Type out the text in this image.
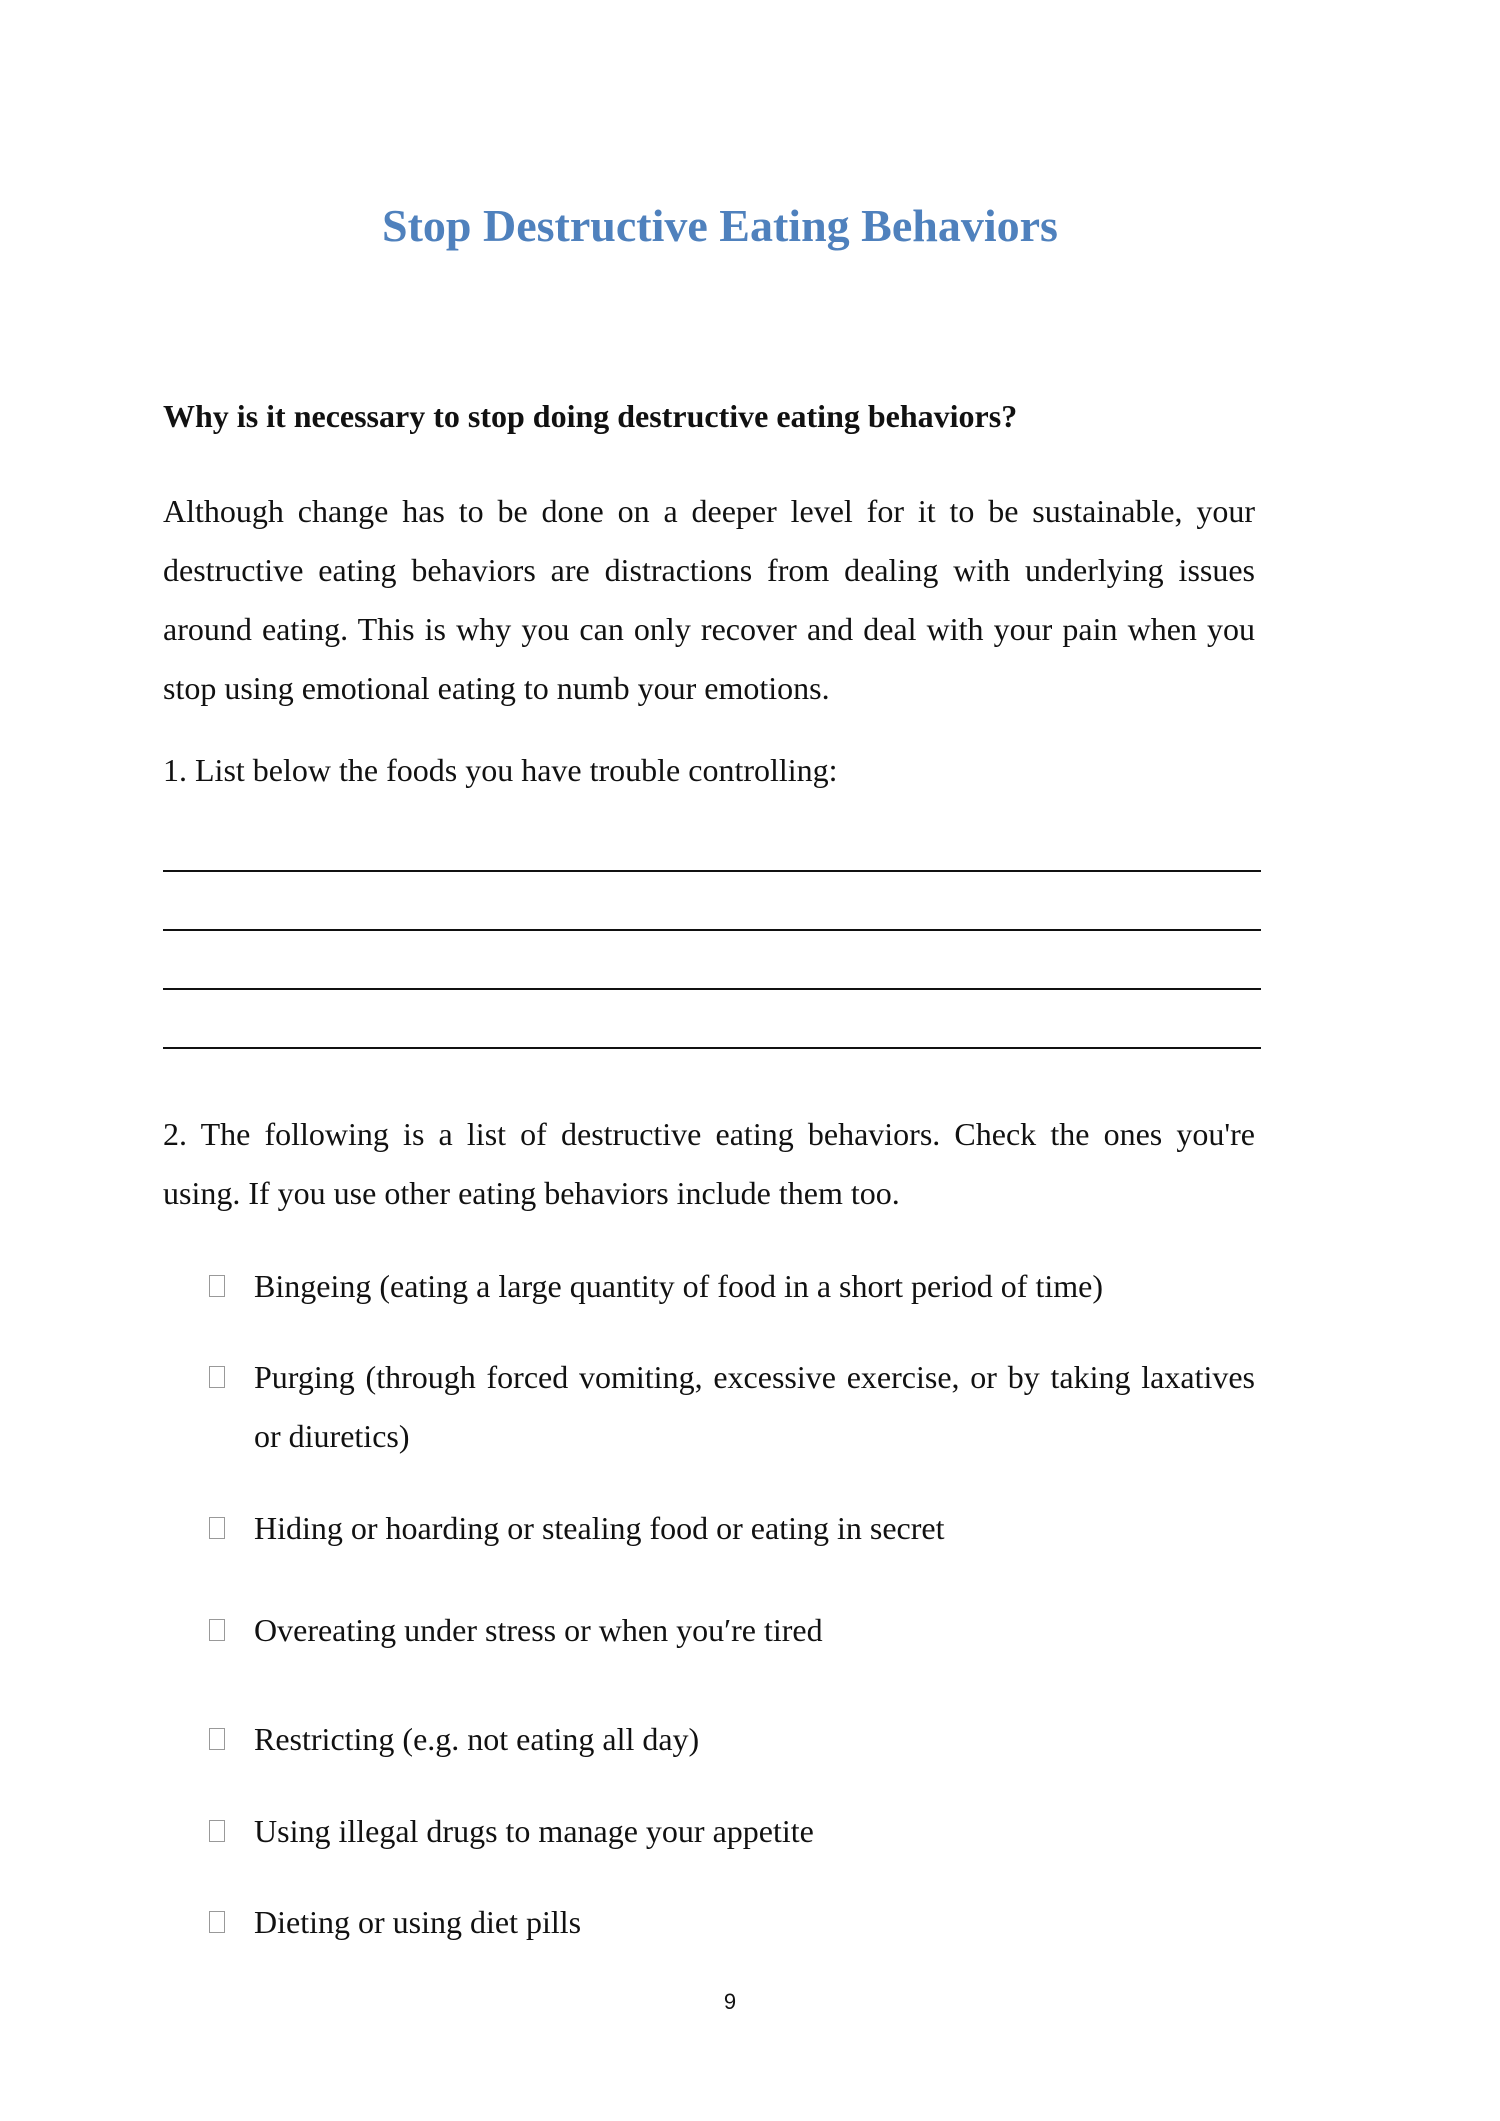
Stop Destructive Eating Behaviors
Why is it necessary to stop doing destructive eating behaviors?
Although change has to be done on a deeper level for it to be sustainable, your destructive eating behaviors are distractions from dealing with underlying issues around eating. This is why you can only recover and deal with your pain when you stop using emotional eating to numb your emotions.
1. List below the foods you have trouble controlling:
2. The following is a list of destructive eating behaviors. Check the ones you're using. If you use other eating behaviors include them too.
Bingeing (eating a large quantity of food in a short period of time)
Purging (through forced vomiting, excessive exercise, or by taking laxatives or diuretics)
Hiding or hoarding or stealing food or eating in secret
Overeating under stress or when you′re tired
Restricting (e.g. not eating all day)
Using illegal drugs to manage your appetite
Dieting or using diet pills
9
